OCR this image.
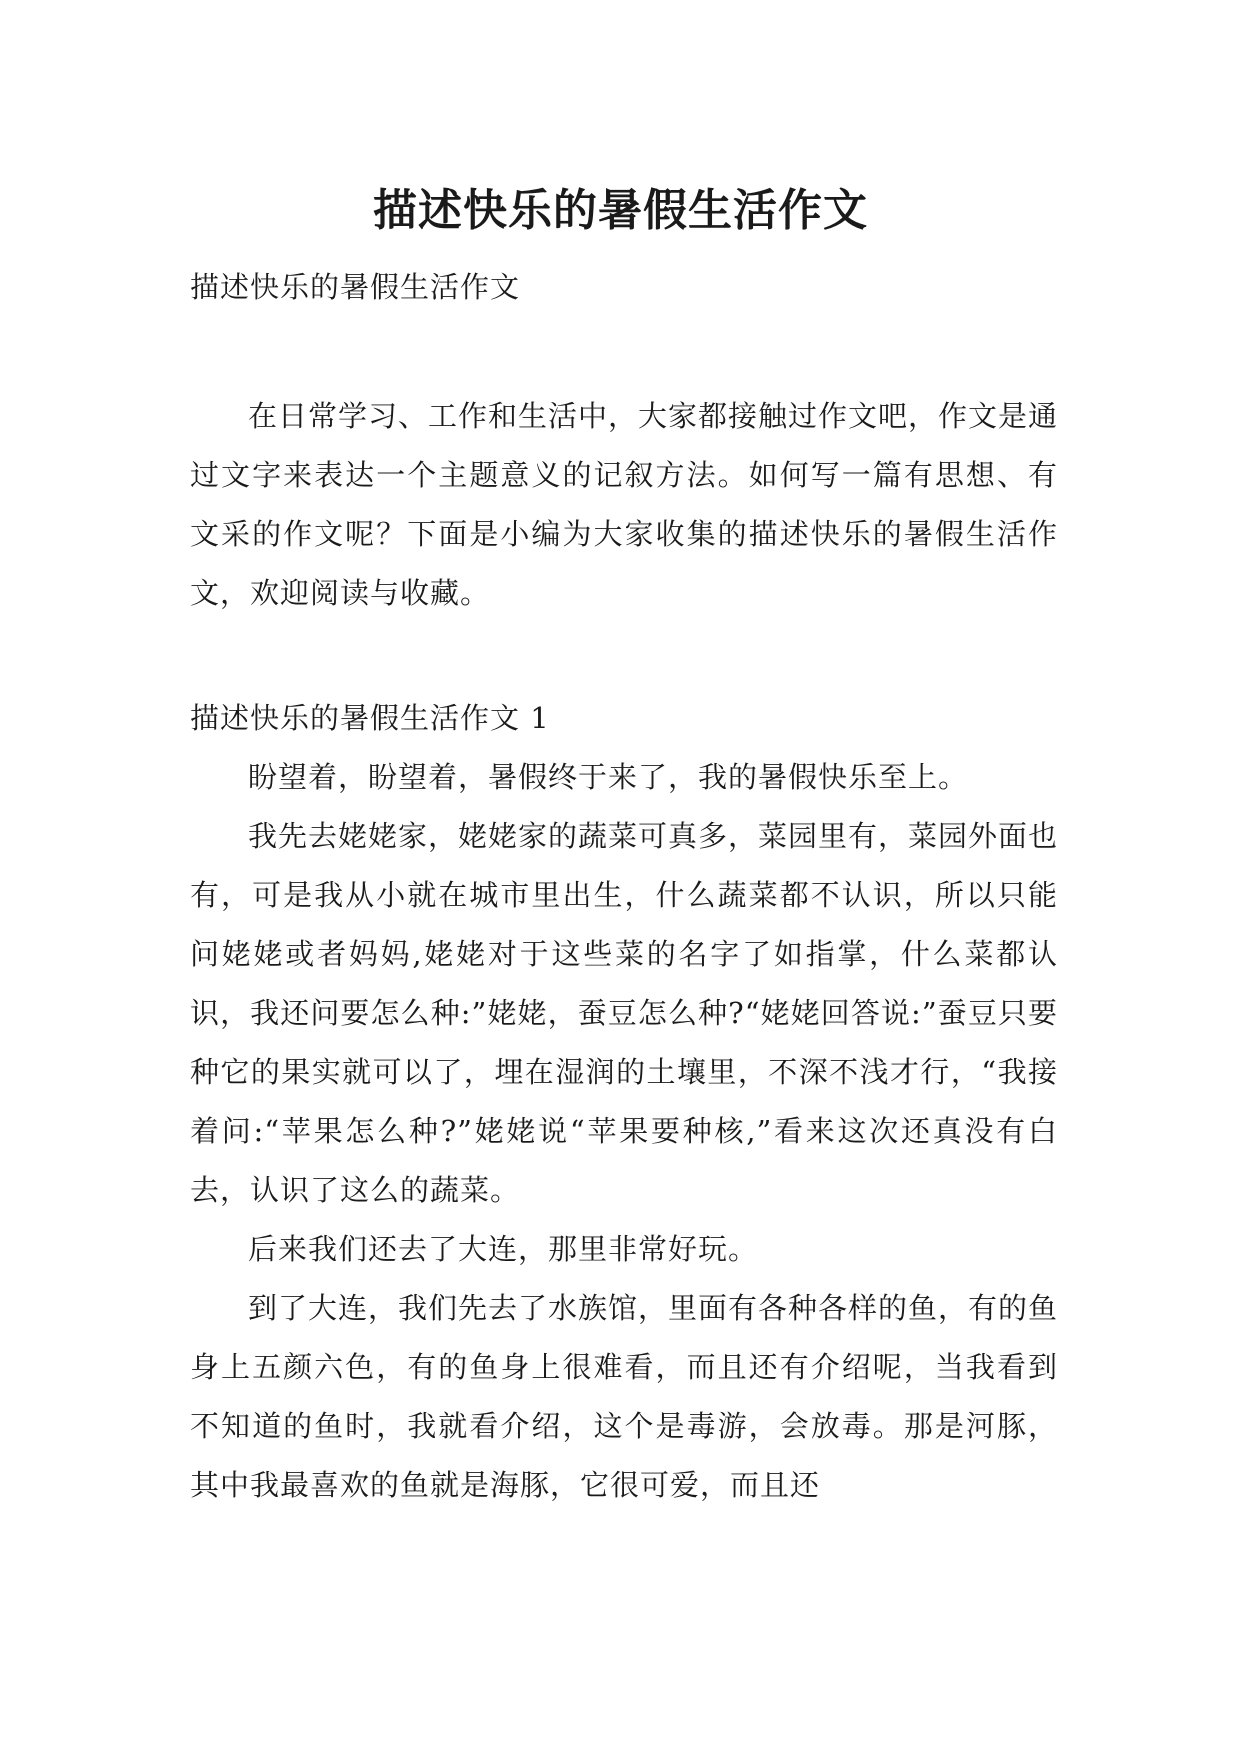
描述快乐的暑假生活作文

描述快乐的暑假生活作文

在日常学习、工作和生活中，大家都接触过作文吧，作文是通过文字来表达一个主题意义的记叙方法。如何写一篇有思想、有文采的作文呢？下面是小编为大家收集的描述快乐的暑假生活作文，欢迎阅读与收藏。

描述快乐的暑假生活作文 1

盼望着，盼望着，暑假终于来了，我的暑假快乐至上。

我先去姥姥家，姥姥家的蔬菜可真多，菜园里有，菜园外面也有，可是我从小就在城市里出生，什么蔬菜都不认识，所以只能问姥姥或者妈妈,姥姥对于这些菜的名字了如指掌，什么菜都认识，我还问要怎么种:”姥姥，蚕豆怎么种?“姥姥回答说:”蚕豆只要种它的果实就可以了，埋在湿润的土壤里，不深不浅才行，“我接着问:“苹果怎么种?”姥姥说“苹果要种核,”看来这次还真没有白去，认识了这么的蔬菜。

后来我们还去了大连，那里非常好玩。

到了大连，我们先去了水族馆，里面有各种各样的鱼，有的鱼身上五颜六色，有的鱼身上很难看，而且还有介绍呢，当我看到不知道的鱼时，我就看介绍，这个是毒游，会放毒。那是河豚，其中我最喜欢的鱼就是海豚，它很可爱，而且还
